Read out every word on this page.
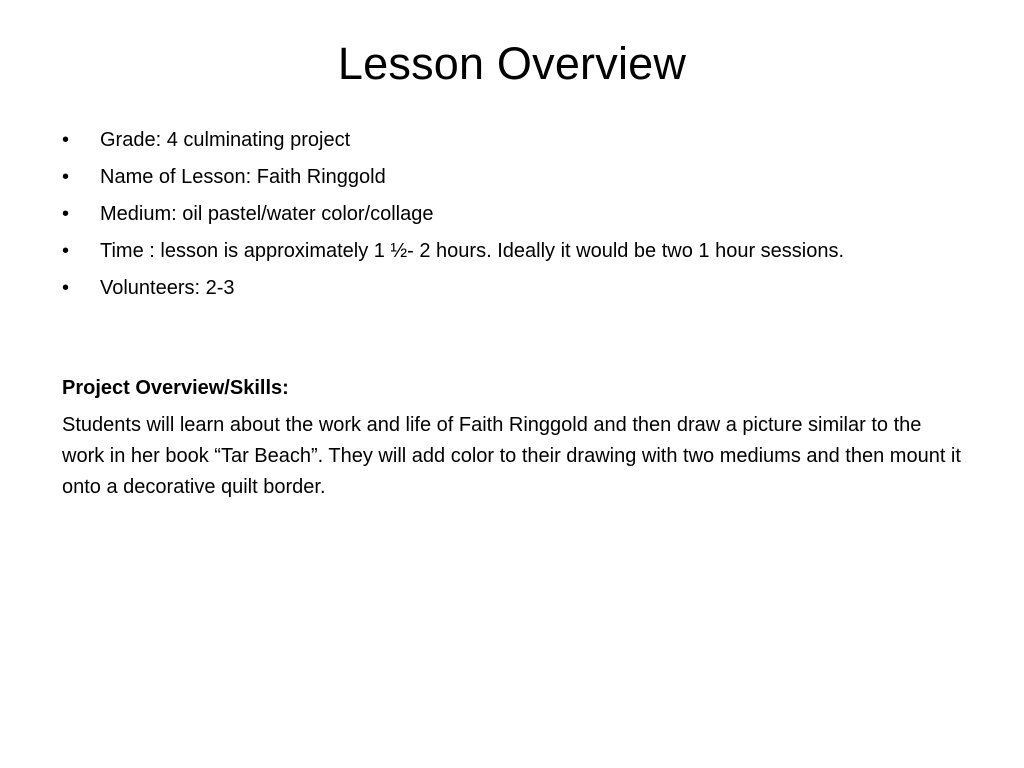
Lesson Overview
•	Grade: 4 culminating project
•	Name of Lesson: Faith Ringgold
•	Medium: oil pastel/water color/collage
•	Time : lesson is approximately 1 ½- 2 hours. Ideally it would be two 1 hour sessions.
•	Volunteers: 2-3
Project Overview/Skills:

Students will learn about the work and life of Faith Ringgold and then draw a picture similar to the work in her book “Tar Beach”. They will add color to their drawing with two mediums and then mount it onto a decorative quilt border.
